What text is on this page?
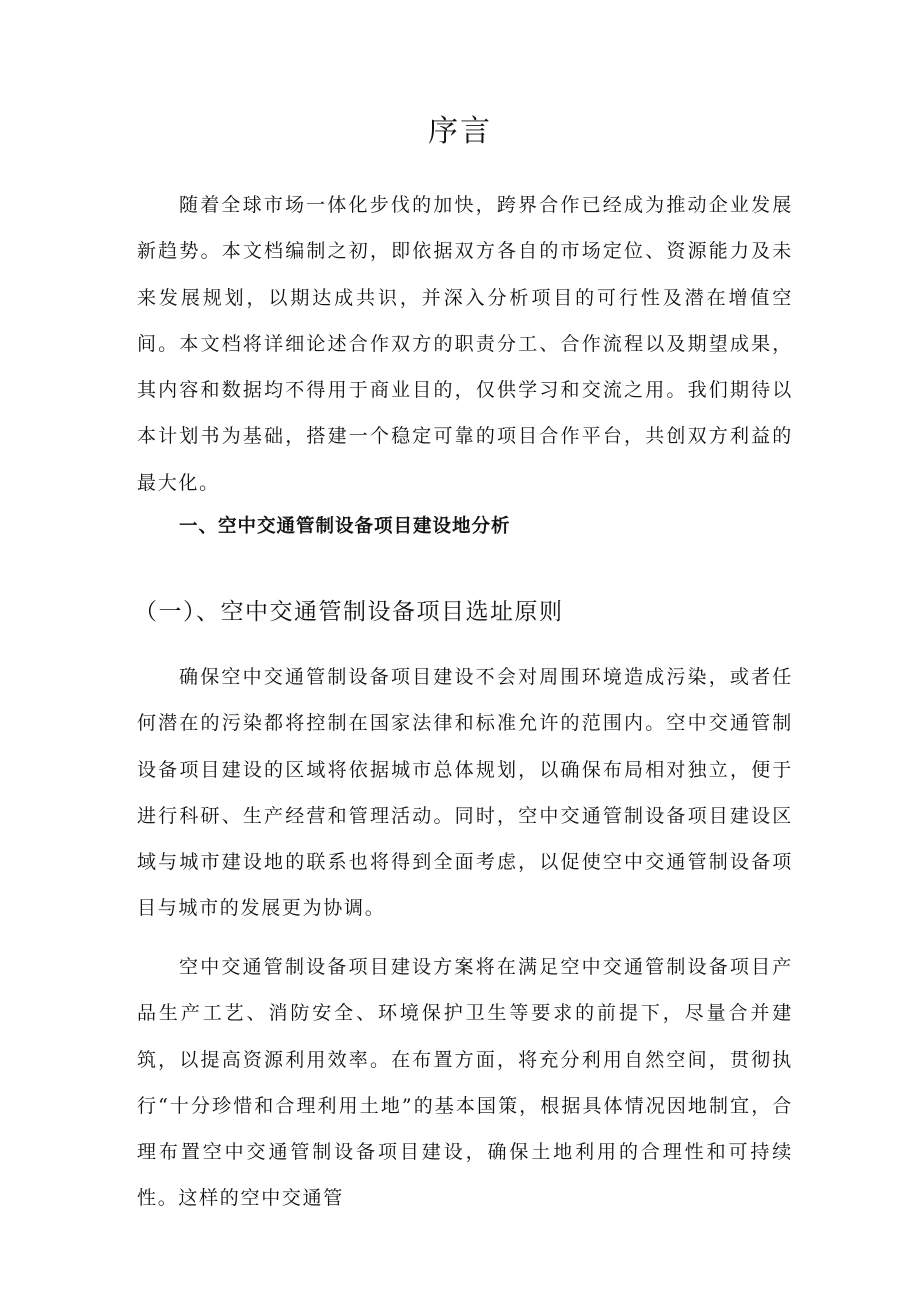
序言

随着全球市场一体化步伐的加快，跨界合作已经成为推动企业发展新趋势。本文档编制之初，即依据双方各自的市场定位、资源能力及未来发展规划，以期达成共识，并深入分析项目的可行性及潜在增值空间。本文档将详细论述合作双方的职责分工、合作流程以及期望成果，其内容和数据均不得用于商业目的，仅供学习和交流之用。我们期待以本计划书为基础，搭建一个稳定可靠的项目合作平台，共创双方利益的最大化。

一、空中交通管制设备项目建设地分析
（一）、空中交通管制设备项目选址原则

确保空中交通管制设备项目建设不会对周围环境造成污染，或者任何潜在的污染都将控制在国家法律和标准允许的范围内。空中交通管制设备项目建设的区域将依据城市总体规划，以确保布局相对独立，便于进行科研、生产经营和管理活动。同时，空中交通管制设备项目建设区域与城市建设地的联系也将得到全面考虑，以促使空中交通管制设备项目与城市的发展更为协调。

空中交通管制设备项目建设方案将在满足空中交通管制设备项目产品生产工艺、消防安全、环境保护卫生等要求的前提下，尽量合并建筑，以提高资源利用效率。在布置方面，将充分利用自然空间，贯彻执行“十分珍惜和合理利用土地”的基本国策，根据具体情况因地制宜，合理布置空中交通管制设备项目建设，确保土地利用的合理性和可持续性。这样的空中交通管
